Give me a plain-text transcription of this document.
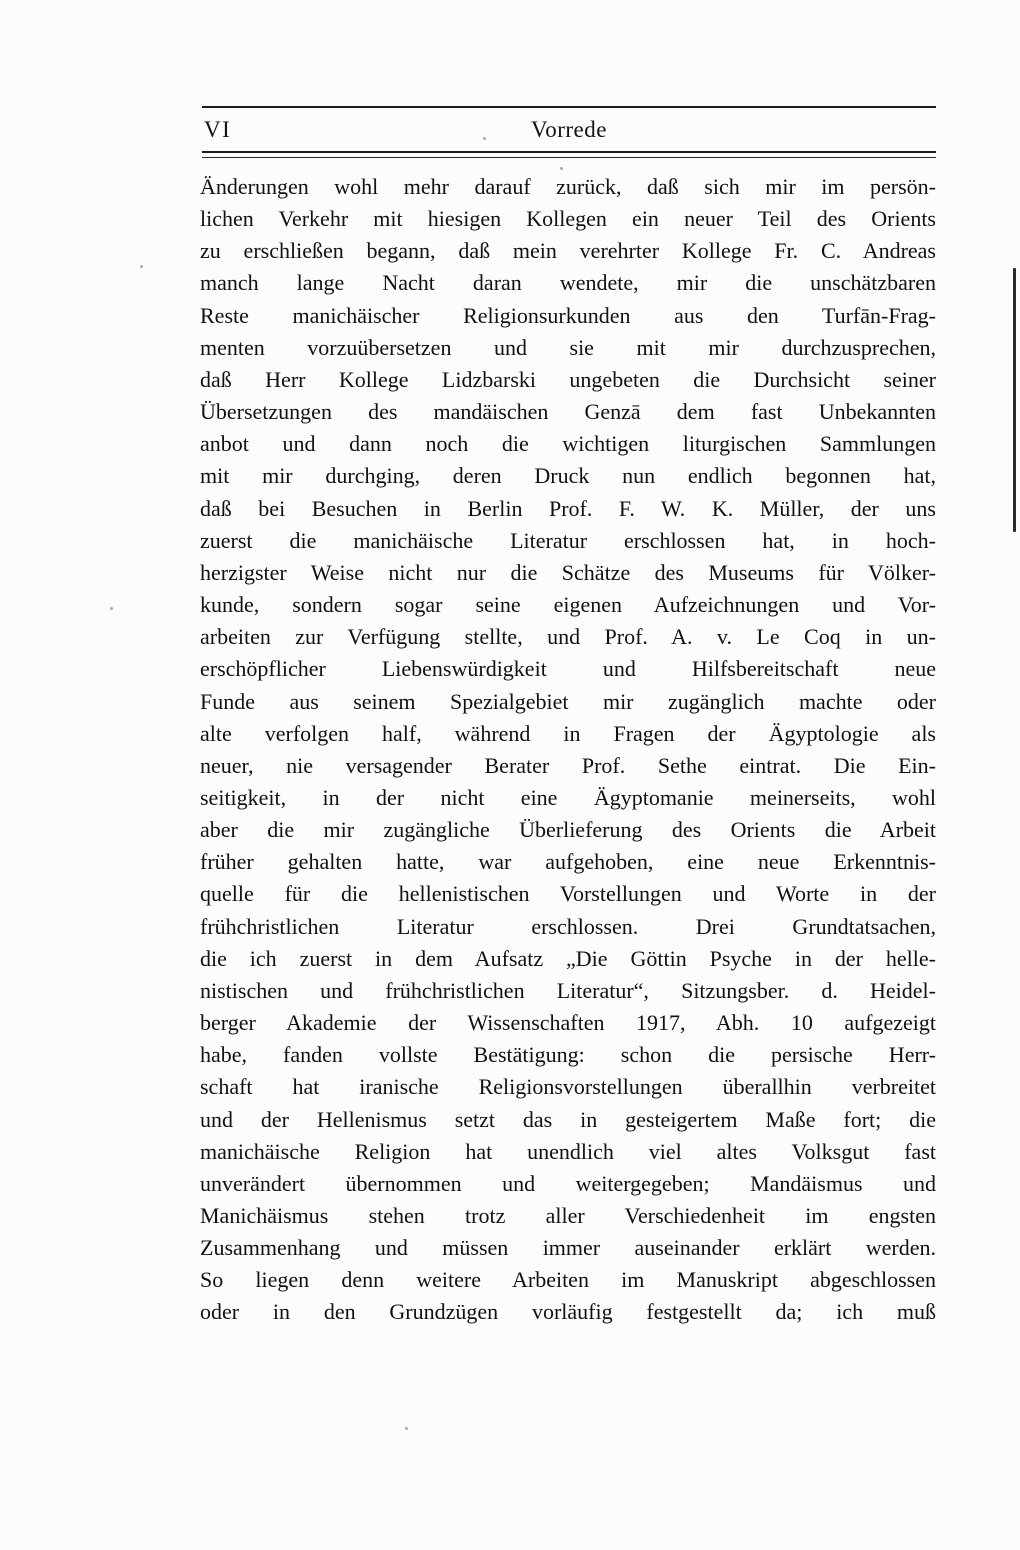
VI	Vorrede
Änderungen wohl mehr darauf zurück, daß sich mir im persön-
lichen Verkehr mit hiesigen Kollegen ein neuer Teil des Orients
zu erschließen begann, daß mein verehrter Kollege Fr. C. Andreas
manch lange Nacht daran wendete, mir die unschätzbaren
Reste manichäischer Religionsurkunden aus den Turfān-Frag-
menten vorzuübersetzen und sie mit mir durchzusprechen,
daß Herr Kollege Lidzbarski ungebeten die Durchsicht seiner
Übersetzungen des mandäischen Genzā dem fast Unbekannten
anbot und dann noch die wichtigen liturgischen Sammlungen
mit mir durchging, deren Druck nun endlich begonnen hat,
daß bei Besuchen in Berlin Prof. F. W. K. Müller, der uns
zuerst die manichäische Literatur erschlossen hat, in hoch-
herzigster Weise nicht nur die Schätze des Museums für Völker-
kunde, sondern sogar seine eigenen Aufzeichnungen und Vor-
arbeiten zur Verfügung stellte, und Prof. A. v. Le Coq in un-
erschöpflicher Liebenswürdigkeit und Hilfsbereitschaft neue
Funde aus seinem Spezialgebiet mir zugänglich machte oder
alte verfolgen half, während in Fragen der Ägyptologie als
neuer, nie versagender Berater Prof. Sethe eintrat. Die Ein-
seitigkeit, in der nicht eine Ägyptomanie meinerseits, wohl
aber die mir zugängliche Überlieferung des Orients die Arbeit
früher gehalten hatte, war aufgehoben, eine neue Erkenntnis-
quelle für die hellenistischen Vorstellungen und Worte in der
frühchristlichen Literatur erschlossen. Drei Grundtatsachen,
die ich zuerst in dem Aufsatz „Die Göttin Psyche in der helle-
nistischen und frühchristlichen Literatur“, Sitzungsber. d. Heidel-
berger Akademie der Wissenschaften 1917, Abh. 10 aufgezeigt
habe, fanden vollste Bestätigung: schon die persische Herr-
schaft hat iranische Religionsvorstellungen überallhin verbreitet
und der Hellenismus setzt das in gesteigertem Maße fort; die
manichäische Religion hat unendlich viel altes Volksgut fast
unverändert übernommen und weitergegeben; Mandäismus und
Manichäismus stehen trotz aller Verschiedenheit im engsten
Zusammenhang und müssen immer auseinander erklärt werden.
So liegen denn weitere Arbeiten im Manuskript abgeschlossen
oder in den Grundzügen vorläufig festgestellt da; ich muß
